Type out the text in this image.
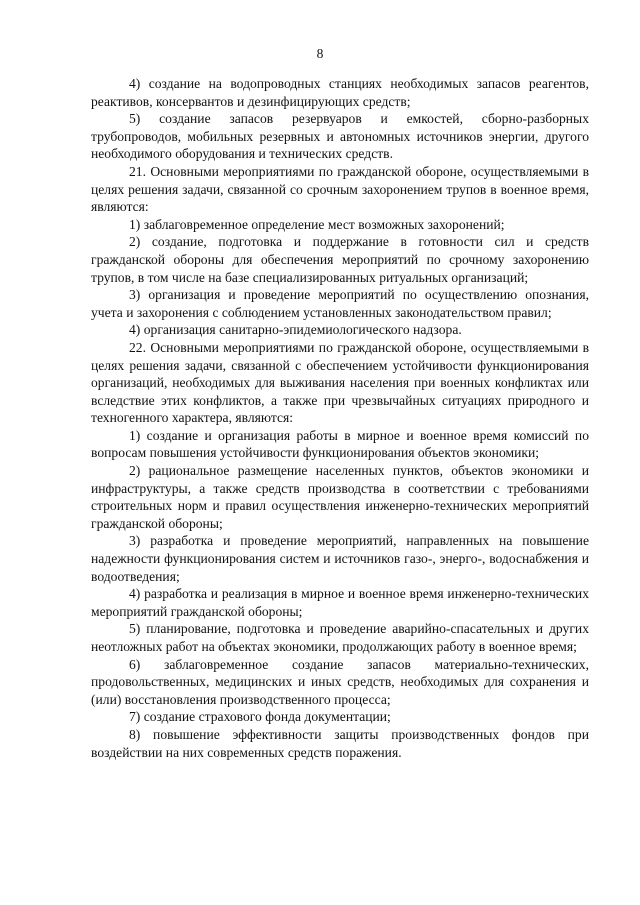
8

4) создание на водопроводных станциях необходимых запасов реагентов, реактивов, консервантов и дезинфицирующих средств;

5) создание запасов резервуаров и емкостей, сборно-разборных трубопроводов, мобильных резервных и автономных источников энергии, другого необходимого оборудования и технических средств.

21. Основными мероприятиями по гражданской обороне, осуществляемыми в целях решения задачи, связанной со срочным захоронением трупов в военное время, являются:

1) заблаговременное определение мест возможных захоронений;

2) создание, подготовка и поддержание в готовности сил и средств гражданской обороны для обеспечения мероприятий по срочному захоронению трупов, в том числе на базе специализированных ритуальных организаций;

3) организация и проведение мероприятий по осуществлению опознания, учета и захоронения с соблюдением установленных законодательством правил;

4) организация санитарно-эпидемиологического надзора.

22. Основными мероприятиями по гражданской обороне, осуществляемыми в целях решения задачи, связанной с обеспечением устойчивости функционирования организаций, необходимых для выживания населения при военных конфликтах или вследствие этих конфликтов, а также при чрезвычайных ситуациях природного и техногенного характера, являются:

1) создание и организация работы в мирное и военное время комиссий по вопросам повышения устойчивости функционирования объектов экономики;

2) рациональное размещение населенных пунктов, объектов экономики и инфраструктуры, а также средств производства в соответствии с требованиями строительных норм и правил осуществления инженерно-технических мероприятий гражданской обороны;

3) разработка и проведение мероприятий, направленных на повышение надежности функционирования систем и источников газо-, энерго-, водоснабжения и водоотведения;

4) разработка и реализация в мирное и военное время инженерно-технических мероприятий гражданской обороны;

5) планирование, подготовка и проведение аварийно-спасательных и других неотложных работ на объектах экономики, продолжающих работу в военное время;

6) заблаговременное создание запасов материально-технических, продовольственных, медицинских и иных средств, необходимых для сохранения и (или) восстановления производственного процесса;

7) создание страхового фонда документации;

8) повышение эффективности защиты производственных фондов при воздействии на них современных средств поражения.
